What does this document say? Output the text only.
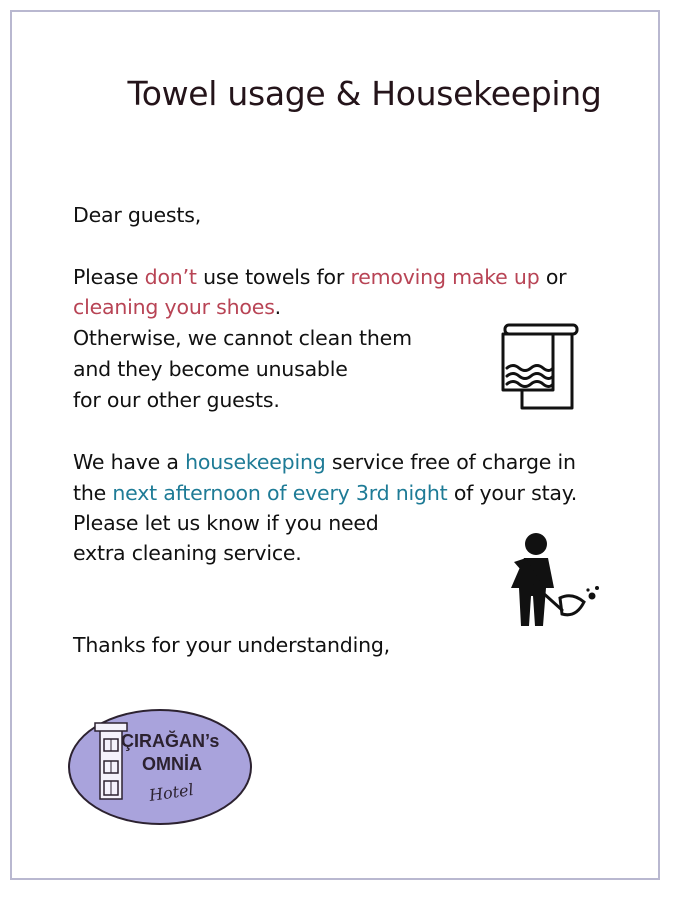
Towel usage & Housekeeping
Dear guests,
Please don’t use towels for removing make up or
cleaning your shoes.
Otherwise, we cannot clean them
and they become unusable
for our other guests.
We have a housekeeping service free of charge in
the next afternoon of every 3rd night of your stay.
Please let us know if you need
extra cleaning service.
Thanks for your understanding,
ÇIRAĞAN’s
OMNİA
Hotel
